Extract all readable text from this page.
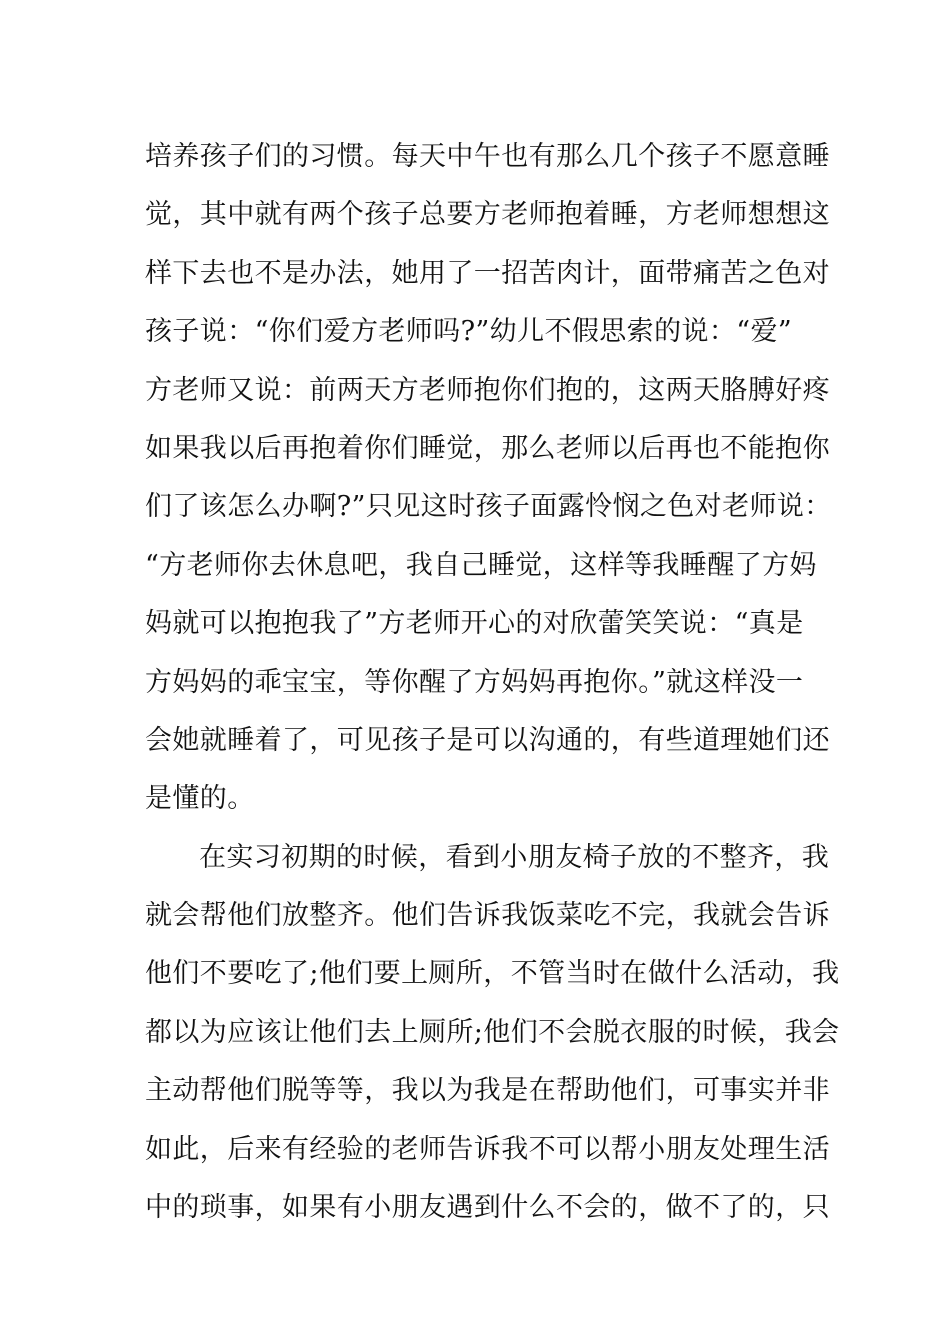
培养孩子们的习惯。每天中午也有那么几个孩子不愿意睡
觉，其中就有两个孩子总要方老师抱着睡，方老师想想这
样下去也不是办法，她用了一招苦肉计，面带痛苦之色对
孩子说：“你们爱方老师吗?”幼儿不假思索的说：“爱”
方老师又说：前两天方老师抱你们抱的，这两天胳膊好疼
如果我以后再抱着你们睡觉，那么老师以后再也不能抱你
们了该怎么办啊?”只见这时孩子面露怜悯之色对老师说：
“方老师你去休息吧，我自己睡觉，这样等我睡醒了方妈
妈就可以抱抱我了”方老师开心的对欣蕾笑笑说：“真是
方妈妈的乖宝宝，等你醒了方妈妈再抱你。”就这样没一
会她就睡着了，可见孩子是可以沟通的，有些道理她们还
是懂的。
在实习初期的时候，看到小朋友椅子放的不整齐，我
就会帮他们放整齐。他们告诉我饭菜吃不完，我就会告诉
他们不要吃了;他们要上厕所，不管当时在做什么活动，我
都以为应该让他们去上厕所;他们不会脱衣服的时候，我会
主动帮他们脱等等，我以为我是在帮助他们，可事实并非
如此，后来有经验的老师告诉我不可以帮小朋友处理生活
中的琐事，如果有小朋友遇到什么不会的，做不了的，只
